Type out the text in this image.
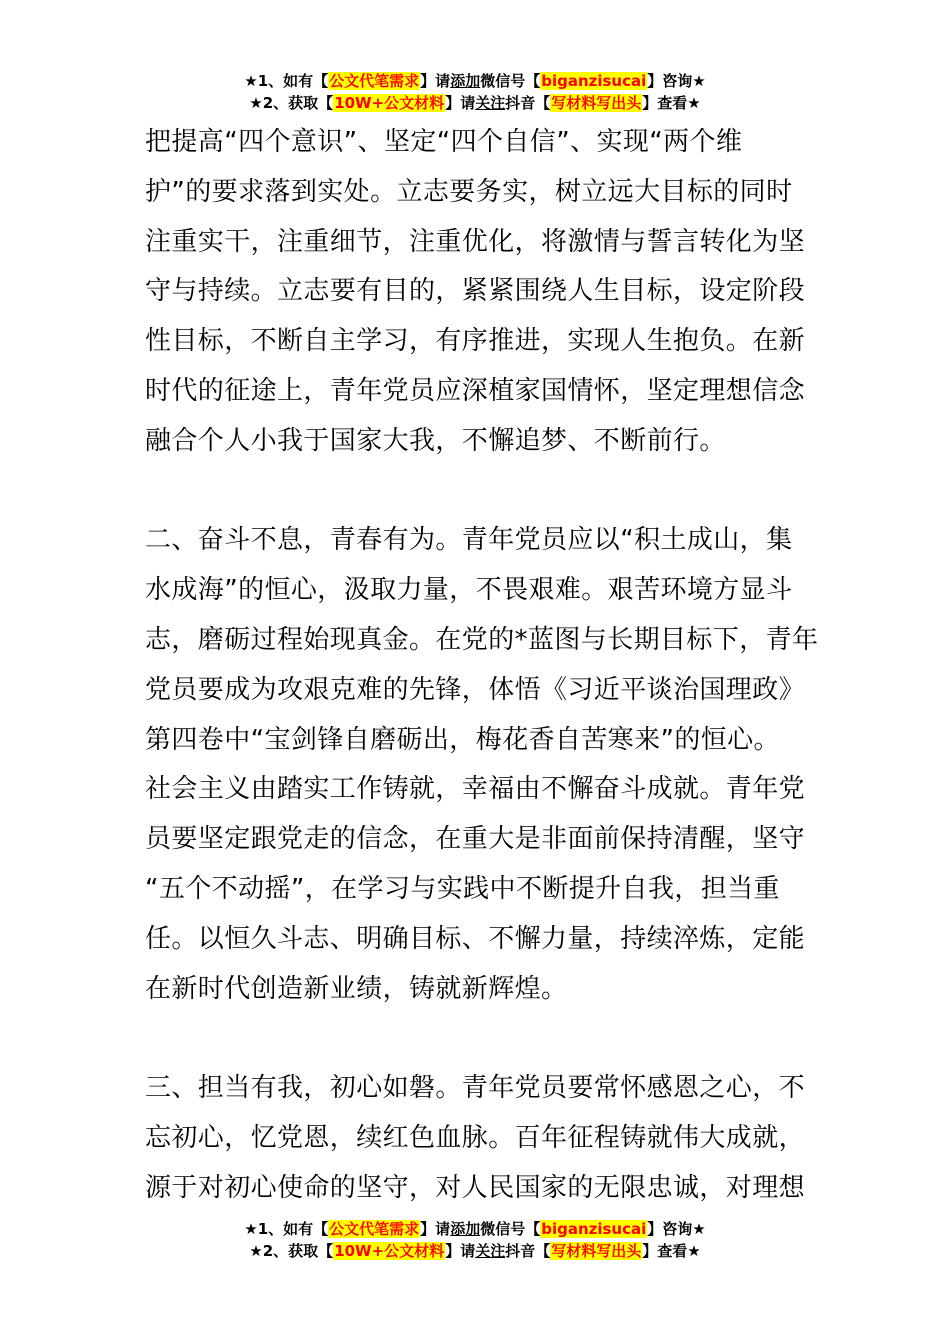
★1、如有【公文代笔需求】请添加微信号【biganzisucai】咨询★
★2、获取【10W+公文材料】请关注抖音【写材料写出头】查看★
把提高“四个意识”、坚定“四个自信”、实现“两个维
护”的要求落到实处。立志要务实，树立远大目标的同时
注重实干，注重细节，注重优化，将激情与誓言转化为坚
守与持续。立志要有目的，紧紧围绕人生目标，设定阶段
性目标，不断自主学习，有序推进，实现人生抱负。在新
时代的征途上，青年党员应深植家国情怀，坚定理想信念
融合个人小我于国家大我，不懈追梦、不断前行。
二、奋斗不息，青春有为。青年党员应以“积土成山，集
水成海”的恒心，汲取力量，不畏艰难。艰苦环境方显斗
志，磨砺过程始现真金。在党的*蓝图与长期目标下，青年
党员要成为攻艰克难的先锋，体悟《习近平谈治国理政》
第四卷中“宝剑锋自磨砺出，梅花香自苦寒来”的恒心。
社会主义由踏实工作铸就，幸福由不懈奋斗成就。青年党
员要坚定跟党走的信念，在重大是非面前保持清醒，坚守
“五个不动摇”，在学习与实践中不断提升自我，担当重
任。以恒久斗志、明确目标、不懈力量，持续淬炼，定能
在新时代创造新业绩，铸就新辉煌。
三、担当有我，初心如磐。青年党员要常怀感恩之心，不
忘初心，忆党恩，续红色血脉。百年征程铸就伟大成就，
源于对初心使命的坚守，对人民国家的无限忠诚，对理想
★1、如有【公文代笔需求】请添加微信号【biganzisucai】咨询★
★2、获取【10W+公文材料】请关注抖音【写材料写出头】查看★
